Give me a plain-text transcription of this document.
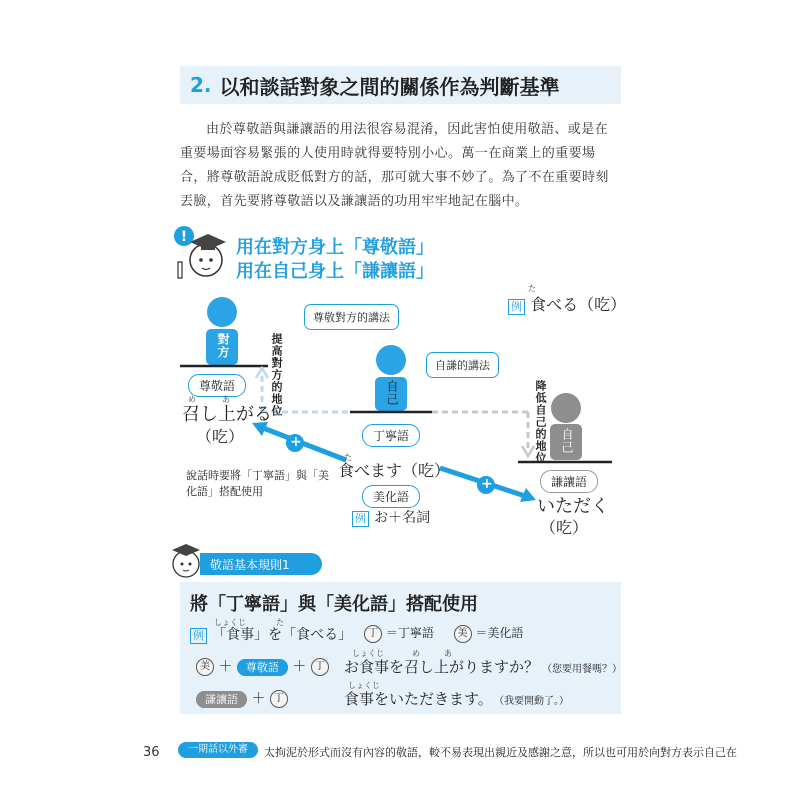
2. 以和談話對象之間的關係作為判斷基準
由於尊敬語與謙讓語的用法很容易混淆，因此害怕使用敬語、或是在重要場面容易緊張的人使用時就得要特別小心。萬一在商業上的重要場合，將尊敬語說成貶低對方的話，那可就大事不妙了。為了不在重要時刻丟臉，首先要將尊敬語以及謙讓語的功用牢牢地記在腦中。
!	用在對方身上「尊敬語」
用在自己身上「謙讓語」
例
た
食べる（吃）
對方
自己
自己
+
+
尊敬對方的講法
自謙的講法
提高對方的地位
降低自己的地位
尊敬語
丁寧語
謙讓語
美化語
め	あ
召し上がる
（吃）
た
食べます（吃）
いただく
（吃）
說話時要將「丁寧語」與「美化語」搭配使用
例 お＋名詞
敬語基本規則1
將「丁寧語」與「美化語」搭配使用
例 「食事」を「食べる」
しょくじ	た
丁 ＝丁寧語 美 ＝美化語
美 ＋ 尊敬語 ＋ 丁
しょくじ	め	あ
お食事を召し上がりますか？ （您要用餐嗎？）
謙讓語 ＋ 丁
しょくじ
食事をいただきます。 （我要開動了。）
36	一期話以外審	太拘泥於形式而沒有內容的敬語，較不易表現出親近及感謝之意，所以也可用於向對方表示自己在
